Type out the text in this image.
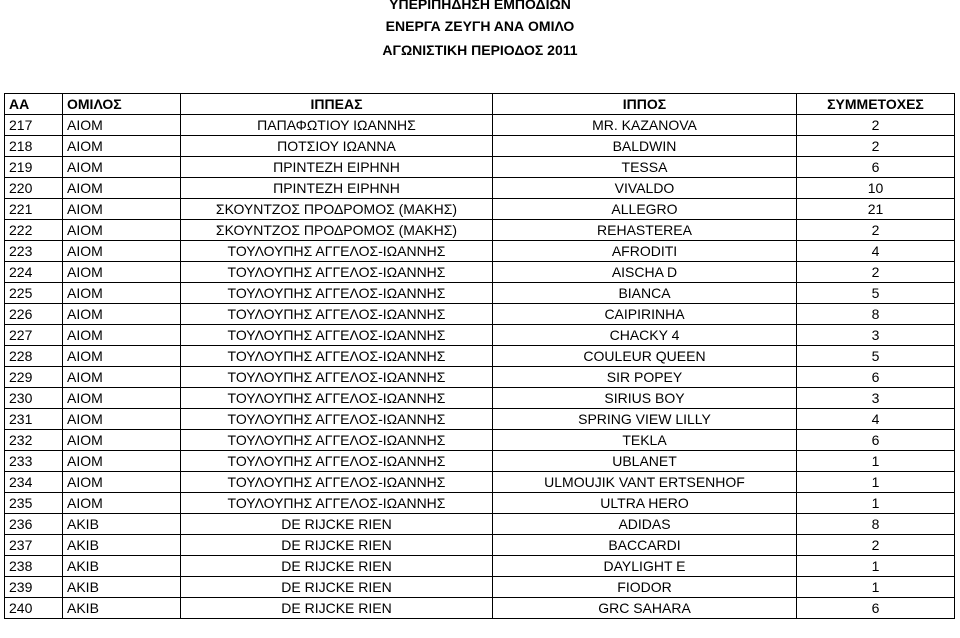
ΥΠΕΡΙΠΗΔΗΣΗ ΕΜΠΟΔΙΩΝ
ΕΝΕΡΓΑ ΖΕΥΓΗ ΑΝΑ ΟΜΙΛΟ
ΑΓΩΝΙΣΤΙΚΗ ΠΕΡΙΟΔΟΣ 2011
AA	ΟΜΙΛΟΣ	ΙΠΠΕΑΣ	ΙΠΠΟΣ	ΣΥΜΜΕΤΟΧΕΣ
217	ΑΙΟΜ	ΠΑΠΑΦΩΤΙΟΥ ΙΩΑΝΝΗΣ	MR. KAZANOVA	2
218	ΑΙΟΜ	ΠΟΤΣΙΟΥ ΙΩΑΝΝΑ	BALDWIN	2
219	ΑΙΟΜ	ΠΡΙΝΤΕΖΗ ΕΙΡΗΝΗ	TESSA	6
220	ΑΙΟΜ	ΠΡΙΝΤΕΖΗ ΕΙΡΗΝΗ	VIVALDO	10
221	ΑΙΟΜ	ΣΚΟΥΝΤΖΟΣ ΠΡΟΔΡΟΜΟΣ (ΜΑΚΗΣ)	ALLEGRO	21
222	ΑΙΟΜ	ΣΚΟΥΝΤΖΟΣ ΠΡΟΔΡΟΜΟΣ (ΜΑΚΗΣ)	REHASTEREA	2
223	ΑΙΟΜ	ΤΟΥΛΟΥΠΗΣ ΑΓΓΕΛΟΣ-ΙΩΑΝΝΗΣ	AFRODITI	4
224	ΑΙΟΜ	ΤΟΥΛΟΥΠΗΣ ΑΓΓΕΛΟΣ-ΙΩΑΝΝΗΣ	AISCHA D	2
225	ΑΙΟΜ	ΤΟΥΛΟΥΠΗΣ ΑΓΓΕΛΟΣ-ΙΩΑΝΝΗΣ	BIANCA	5
226	ΑΙΟΜ	ΤΟΥΛΟΥΠΗΣ ΑΓΓΕΛΟΣ-ΙΩΑΝΝΗΣ	CAIPIRINHA	8
227	ΑΙΟΜ	ΤΟΥΛΟΥΠΗΣ ΑΓΓΕΛΟΣ-ΙΩΑΝΝΗΣ	CHACKY 4	3
228	ΑΙΟΜ	ΤΟΥΛΟΥΠΗΣ ΑΓΓΕΛΟΣ-ΙΩΑΝΝΗΣ	COULEUR QUEEN	5
229	ΑΙΟΜ	ΤΟΥΛΟΥΠΗΣ ΑΓΓΕΛΟΣ-ΙΩΑΝΝΗΣ	SIR POPEY	6
230	ΑΙΟΜ	ΤΟΥΛΟΥΠΗΣ ΑΓΓΕΛΟΣ-ΙΩΑΝΝΗΣ	SIRIUS BOY	3
231	ΑΙΟΜ	ΤΟΥΛΟΥΠΗΣ ΑΓΓΕΛΟΣ-ΙΩΑΝΝΗΣ	SPRING VIEW LILLY	4
232	ΑΙΟΜ	ΤΟΥΛΟΥΠΗΣ ΑΓΓΕΛΟΣ-ΙΩΑΝΝΗΣ	TEKLA	6
233	ΑΙΟΜ	ΤΟΥΛΟΥΠΗΣ ΑΓΓΕΛΟΣ-ΙΩΑΝΝΗΣ	UBLANET	1
234	ΑΙΟΜ	ΤΟΥΛΟΥΠΗΣ ΑΓΓΕΛΟΣ-ΙΩΑΝΝΗΣ	ULMOUJIK VANT ERTSENHOF	1
235	ΑΙΟΜ	ΤΟΥΛΟΥΠΗΣ ΑΓΓΕΛΟΣ-ΙΩΑΝΝΗΣ	ULTRA HERO	1
236	ΑΚΙΒ	DE RIJCKE RIEN	ADIDAS	8
237	ΑΚΙΒ	DE RIJCKE RIEN	BACCARDI	2
238	ΑΚΙΒ	DE RIJCKE RIEN	DAYLIGHT E	1
239	ΑΚΙΒ	DE RIJCKE RIEN	FIODOR	1
240	ΑΚΙΒ	DE RIJCKE RIEN	GRC SAHARA	6
